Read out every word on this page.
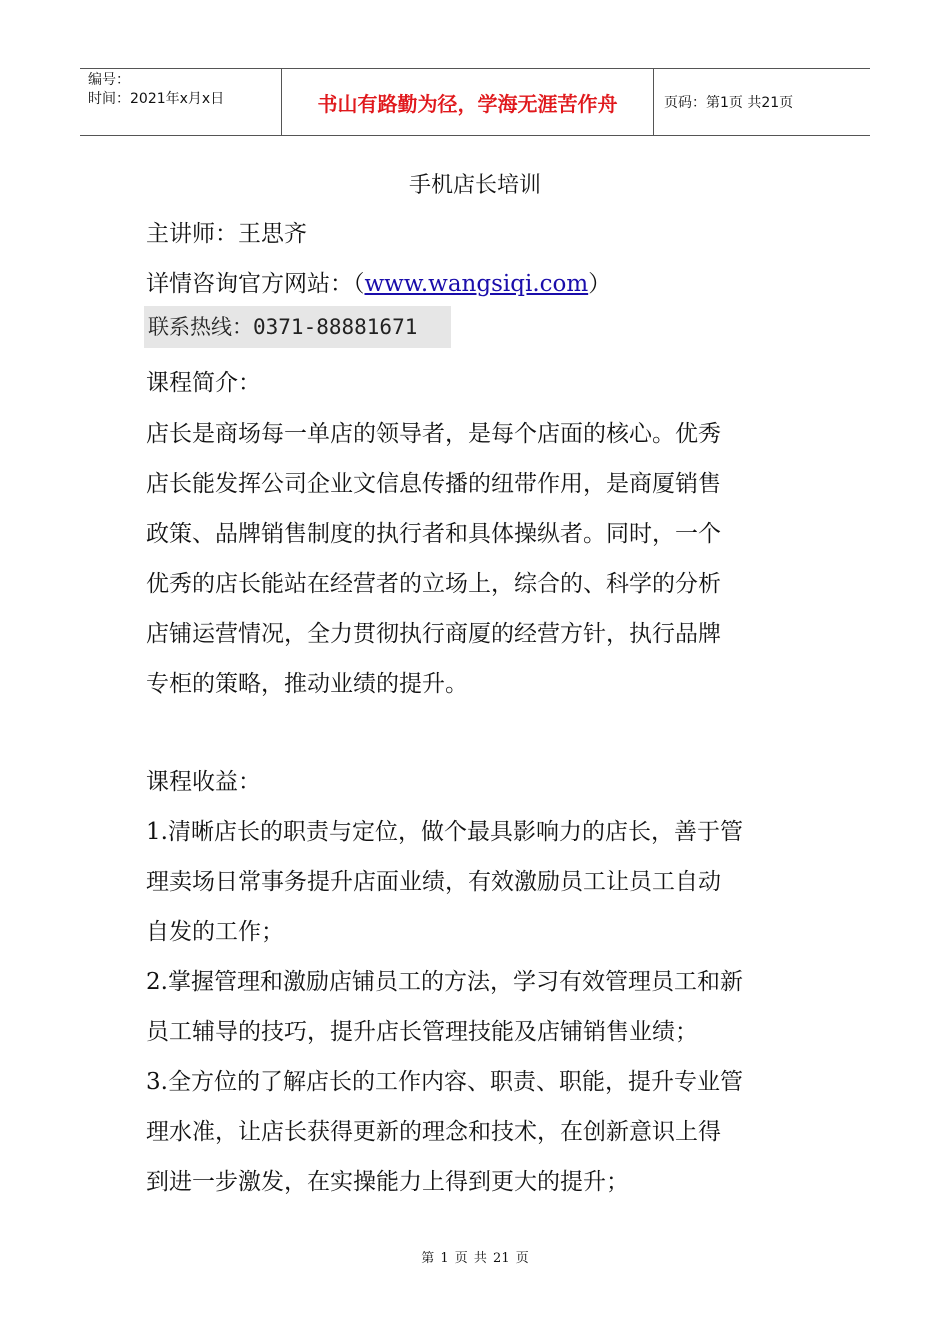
编号：
时间：2021年x月x日	书山有路勤为径，学海无涯苦作舟	页码：第1页 共21页
手机店长培训
主讲师：王思齐
详情咨询官方网站：（www.wangsiqi.com）
联系热线：0371-88881671
课程简介：
店长是商场每一单店的领导者，是每个店面的核心。优秀
店长能发挥公司企业文信息传播的纽带作用，是商厦销售
政策、品牌销售制度的执行者和具体操纵者。同时，一个
优秀的店长能站在经营者的立场上，综合的、科学的分析
店铺运营情况，全力贯彻执行商厦的经营方针，执行品牌
专柜的策略，推动业绩的提升。
课程收益：
1.清晰店长的职责与定位，做个最具影响力的店长，善于管
理卖场日常事务提升店面业绩，有效激励员工让员工自动
自发的工作；
2.掌握管理和激励店铺员工的方法，学习有效管理员工和新
员工辅导的技巧，提升店长管理技能及店铺销售业绩；
3.全方位的了解店长的工作内容、职责、职能，提升专业管
理水准，让店长获得更新的理念和技术，在创新意识上得
到进一步激发，在实操能力上得到更大的提升；
第 1 页 共 21 页
